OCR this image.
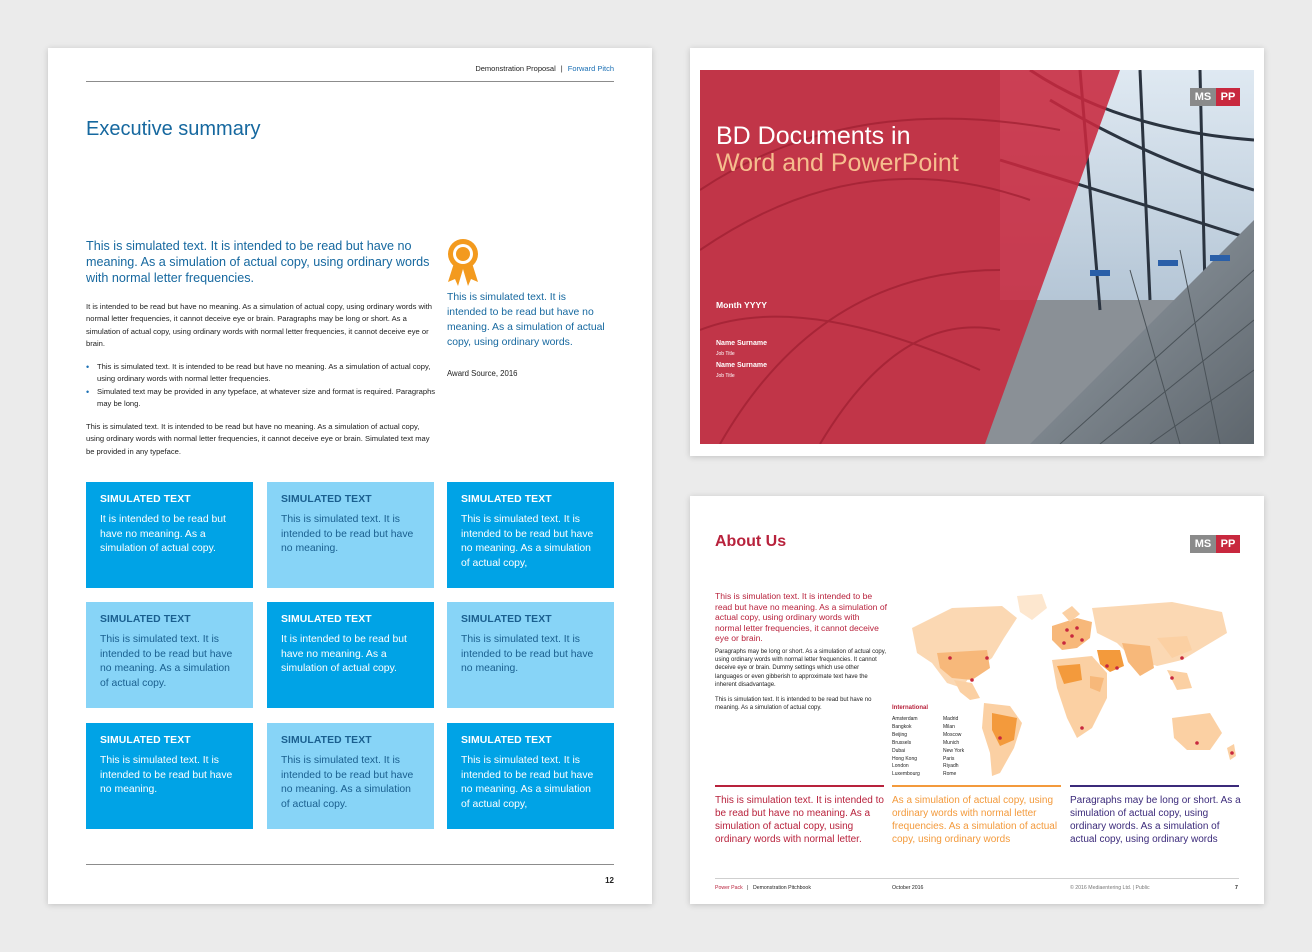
Demonstration Proposal | Forward Pitch
Executive summary

This is simulated text. It is intended to be read but have no meaning. As a simulation of actual copy, using ordinary words with normal letter frequencies.

It is intended to be read but have no meaning. As a simulation of actual copy, using ordinary words with normal letter frequencies, it cannot deceive eye or brain. Paragraphs may be long or short. As a simulation of actual copy, using ordinary words with normal letter frequencies, it cannot deceive eye or brain.

• This is simulated text. It is intended to be read but have no meaning. As a simulation of actual copy, using ordinary words with normal letter frequencies.
• Simulated text may be provided in any typeface, at whatever size and format is required. Paragraphs may be long.

This is simulated text. It is intended to be read but have no meaning. As a simulation of actual copy, using ordinary words with normal letter frequencies, it cannot deceive eye or brain. Simulated text may be provided in any typeface.

This is simulated text. It is intended to be read but have no meaning. As a simulation of actual copy, using ordinary words.

Award Source, 2016

SIMULATED TEXT
It is intended to be read but have no meaning. As a simulation of actual copy.
SIMULATED TEXT
This is simulated text. It is intended to be read but have no meaning.
SIMULATED TEXT
This is simulated text. It is intended to be read but have no meaning. As a simulation of actual copy,
SIMULATED TEXT
This is simulated text. It is intended to be read but have no meaning. As a simulation of actual copy.
SIMULATED TEXT
It is intended to be read but have no meaning. As a simulation of actual copy.
SIMULATED TEXT
This is simulated text. It is intended to be read but have no meaning.
SIMULATED TEXT
This is simulated text. It is intended to be read but have no meaning.
SIMULATED TEXT
This is simulated text. It is intended to be read but have no meaning. As a simulation of actual copy.
SIMULATED TEXT
This is simulated text. It is intended to be read but have no meaning. As a simulation of actual copy,
12
MS PP
BD Documents in
Word and PowerPoint
Month YYYY
Name Surname
Job Title
Name Surname
Job Title
About Us	MS PP

This is simulation text. It is intended to be read but have no meaning. As a simulation of actual copy, using ordinary words with normal letter frequencies, it cannot deceive eye or brain.

Paragraphs may be long or short. As a simulation of actual copy, using ordinary words with normal letter frequencies. It cannot deceive eye or brain. Dummy settings which use other languages or even gibberish to approximate text have the inherent disadvantage.

This is simulation text. It is intended to be read but have no meaning. As a simulation of actual copy.	International
Amsterdam
Bangkok
Beijing
Brussels
Dubai
Hong Kong
London
Luxembourg
Madrid
Milan
Moscow
Munich
New York
Paris
Riyadh
Rome

This is simulation text. It is intended to be read but have no meaning. As a simulation of actual copy, using ordinary words with normal letter.

As a simulation of actual copy, using ordinary words with normal letter frequencies. As a simulation of actual copy, using ordinary words

Paragraphs may be long or short. As a simulation of actual copy, using ordinary words. As a simulation of actual copy, using ordinary words

Power Pack | Demonstration Pitchbook	October 2016	© 2016 Mediaentering Ltd. | Public	7
